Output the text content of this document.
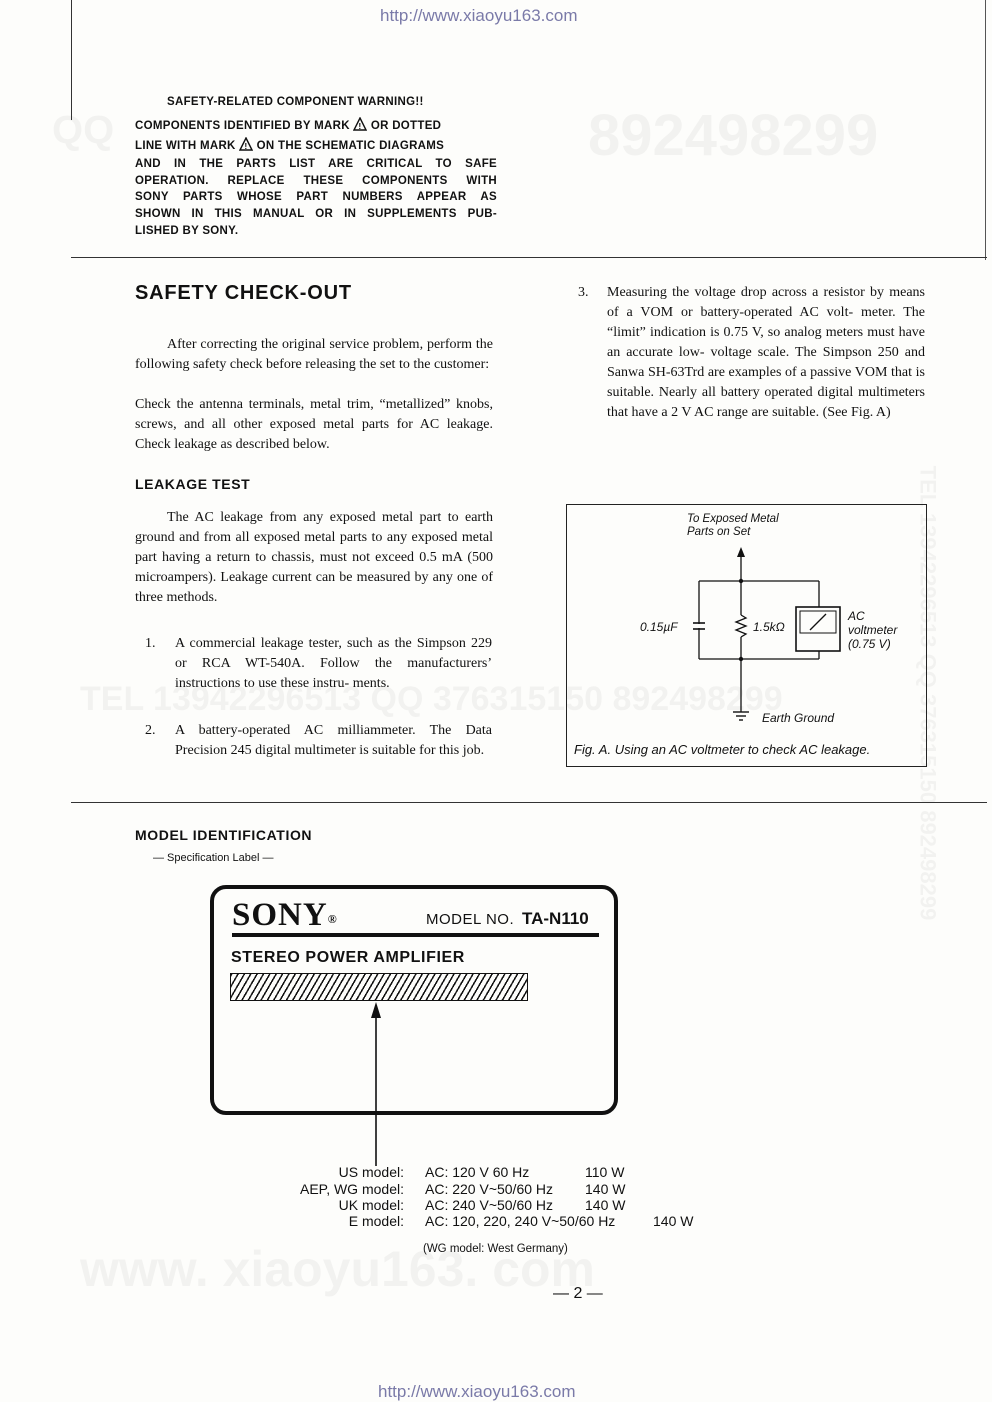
http://www.xiaoyu163.com
http://www.xiaoyu163.com
SAFETY-RELATED COMPONENT WARNING!!
COMPONENTS IDENTIFIED BY MARK ! OR DOTTED
LINE WITH MARK ! ON THE SCHEMATIC DIAGRAMS
AND IN THE PARTS LIST ARE CRITICAL TO SAFE
OPERATION. REPLACE THESE COMPONENTS WITH
SONY PARTS WHOSE PART NUMBERS APPEAR AS
SHOWN IN THIS MANUAL OR IN SUPPLEMENTS PUB-
LISHED BY SONY.
SAFETY CHECK-OUT
After correcting the original service problem, perform the following safety check before releasing the set to the customer:
Check the antenna terminals, metal trim, “metallized” knobs, screws, and all other exposed metal parts for AC leakage. Check leakage as described below.
LEAKAGE TEST
The AC leakage from any exposed metal part to earth ground and from all exposed metal parts to any exposed metal part having a return to chassis, must not exceed 0.5 mA (500 microampers). Leakage current can be measured by any one of three methods.
1. A commercial leakage tester, such as the Simpson 229 or RCA WT-540A. Follow the manufacturers’ instructions to use these instru- ments.
2. A battery-operated AC milliammeter. The Data Precision 245 digital multimeter is suitable for this job.
3. Measuring the voltage drop across a resistor by means of a VOM or battery-operated AC volt- meter. The “limit” indication is 0.75 V, so analog meters must have an accurate low- voltage scale. The Simpson 250 and Sanwa SH-63Trd are examples of a passive VOM that is suitable. Nearly all battery operated digital multimeters that have a 2 V AC range are suitable. (See Fig. A)
To Exposed Metal
Parts on Set
0.15µF	1.5kΩ
AC
voltmeter
(0.75 V)
Earth Ground
Fig. A. Using an AC voltmeter to check AC leakage.
MODEL IDENTIFICATION
— Specification Label —
SONY®	MODEL NO. TA-N110
STEREO POWER AMPLIFIER
US model: AC: 120 V 60 Hz	110 W
AEP, WG model: AC: 220 V~50/60 Hz 140 W
UK model: AC: 240 V~50/60 Hz 140 W
E model: AC: 120, 220, 240 V~50/60 Hz	140 W
(WG model: West Germany)
— 2 —
